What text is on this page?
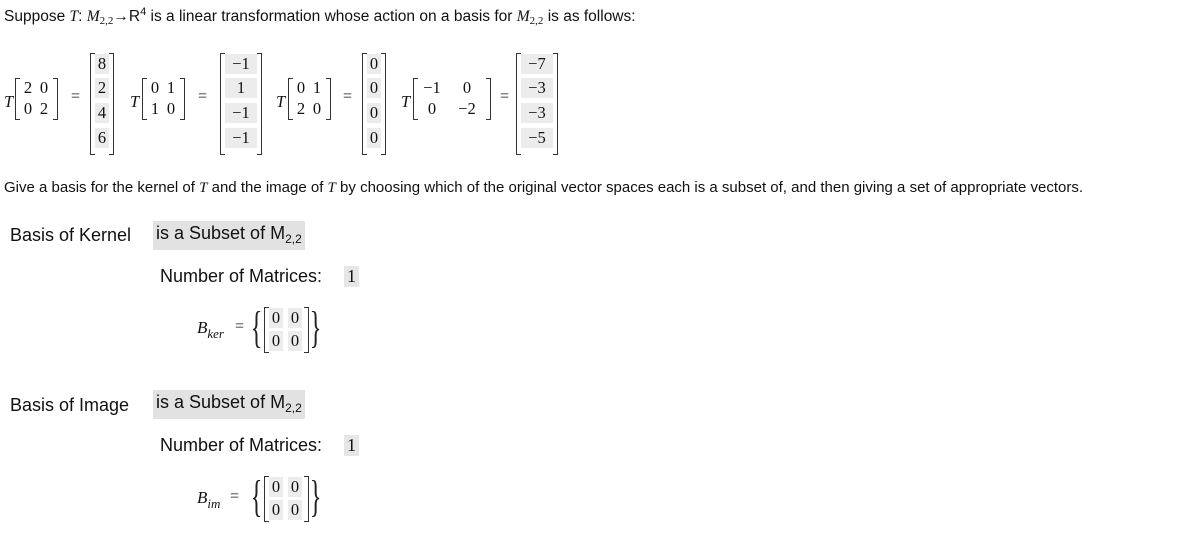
Suppose T: $M_{2,2}\to R^4$ is a linear transformation whose action on a basis for $M_{2,2}$ is as follows:
T
2 0
0 2
=
8
2
4
6
T
0 1
1 0
=
−1
1
−1
−1
T
0 1
2 0
=
0
0
0
0
T
−1	0
0	−2
=
−7
−3
−3
−5
Give a basis for the kernel of T and the image of T by choosing which of the original vector spaces each is a subset of, and then giving a set of appropriate vectors.
Basis of Kernel is a Subset of $M_{2,2}$
Number of Matrices: 1
$B_{ker}$ = { 0 0
0 0 }
Basis of Image is a Subset of $M_{2,2}$
Number of Matrices: 1
$B_{im}$ = { 0 0
0 0 }
